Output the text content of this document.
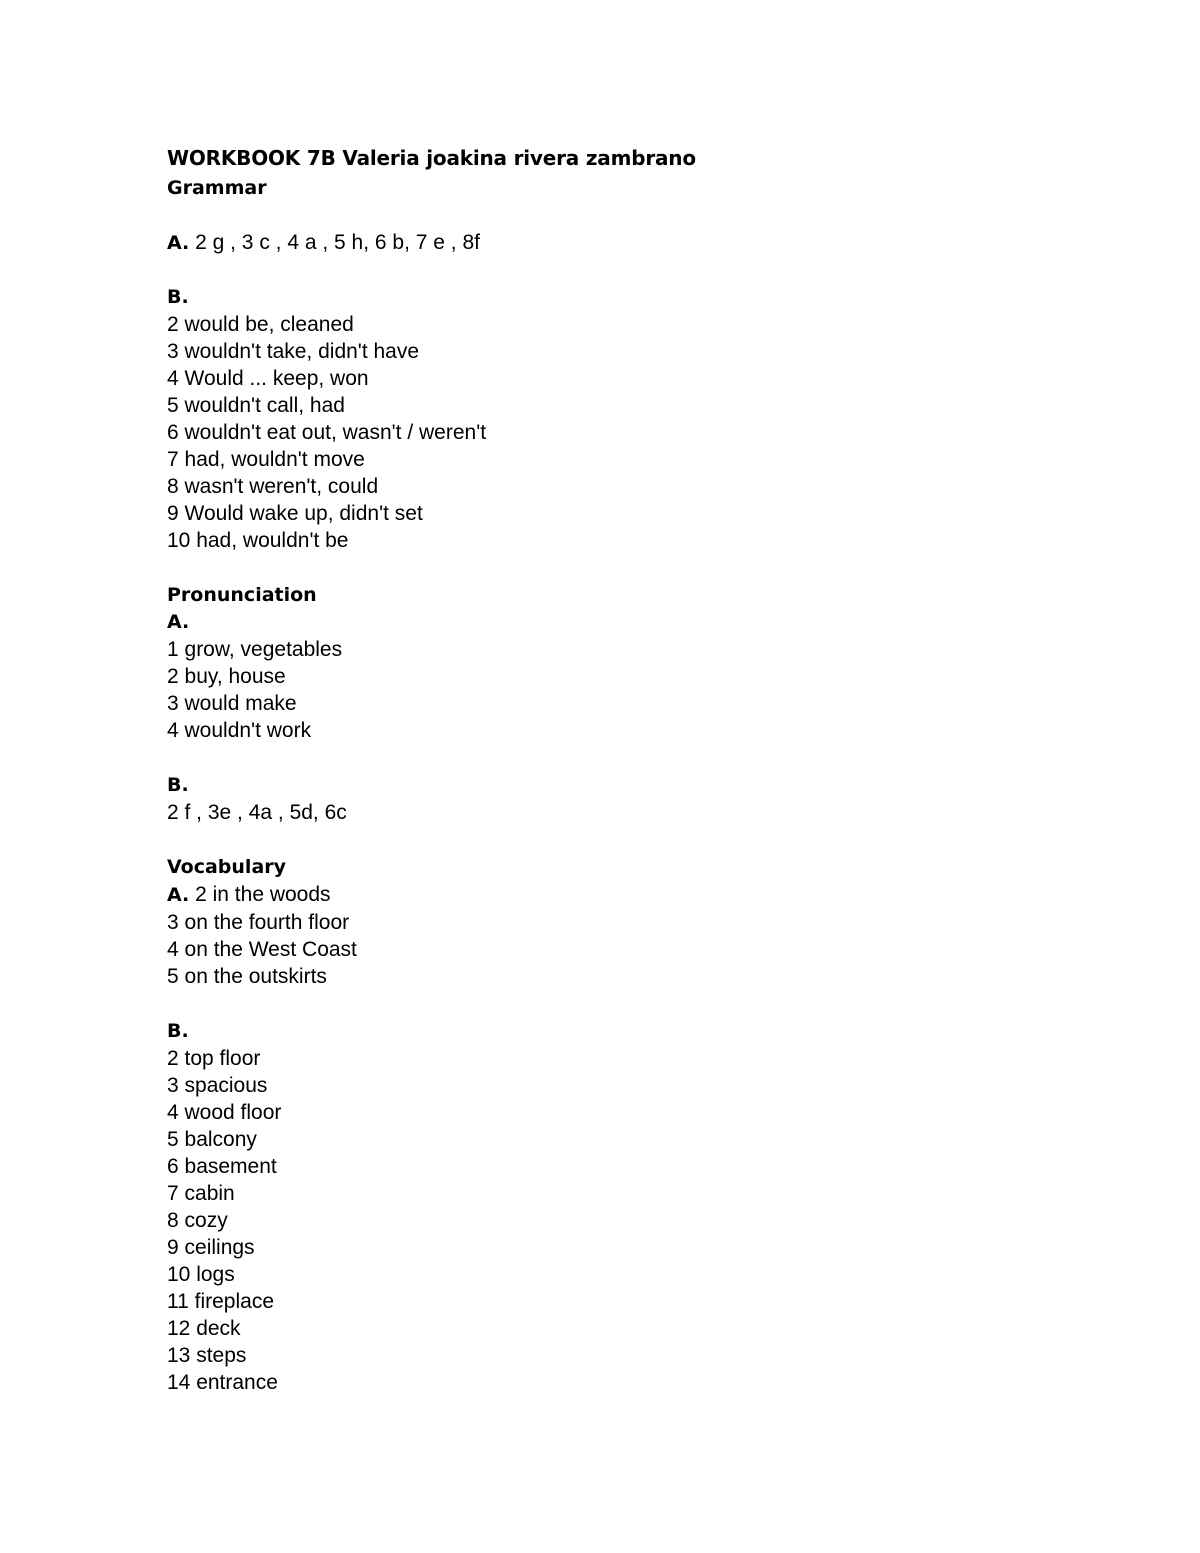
WORKBOOK 7B Valeria joakina rivera zambrano
Grammar
A. 2 g , 3 c , 4 a , 5 h, 6 b, 7 e , 8f
B.
2 would be, cleaned
3 wouldn't take, didn't have
4 Would ... keep, won
5 wouldn't call, had
6 wouldn't eat out, wasn't / weren't
7 had, wouldn't move
8 wasn't weren't, could
9 Would wake up, didn't set
10 had, wouldn't be
Pronunciation
A.
1 grow, vegetables
2 buy, house
3 would make
4 wouldn't work
B.
2 f , 3e , 4a , 5d, 6c
Vocabulary
A. 2 in the woods
3 on the fourth floor
4 on the West Coast
5 on the outskirts
B.
2 top floor
3 spacious
4 wood floor
5 balcony
6 basement
7 cabin
8 cozy
9 ceilings
10 logs
11 fireplace
12 deck
13 steps
14 entrance
